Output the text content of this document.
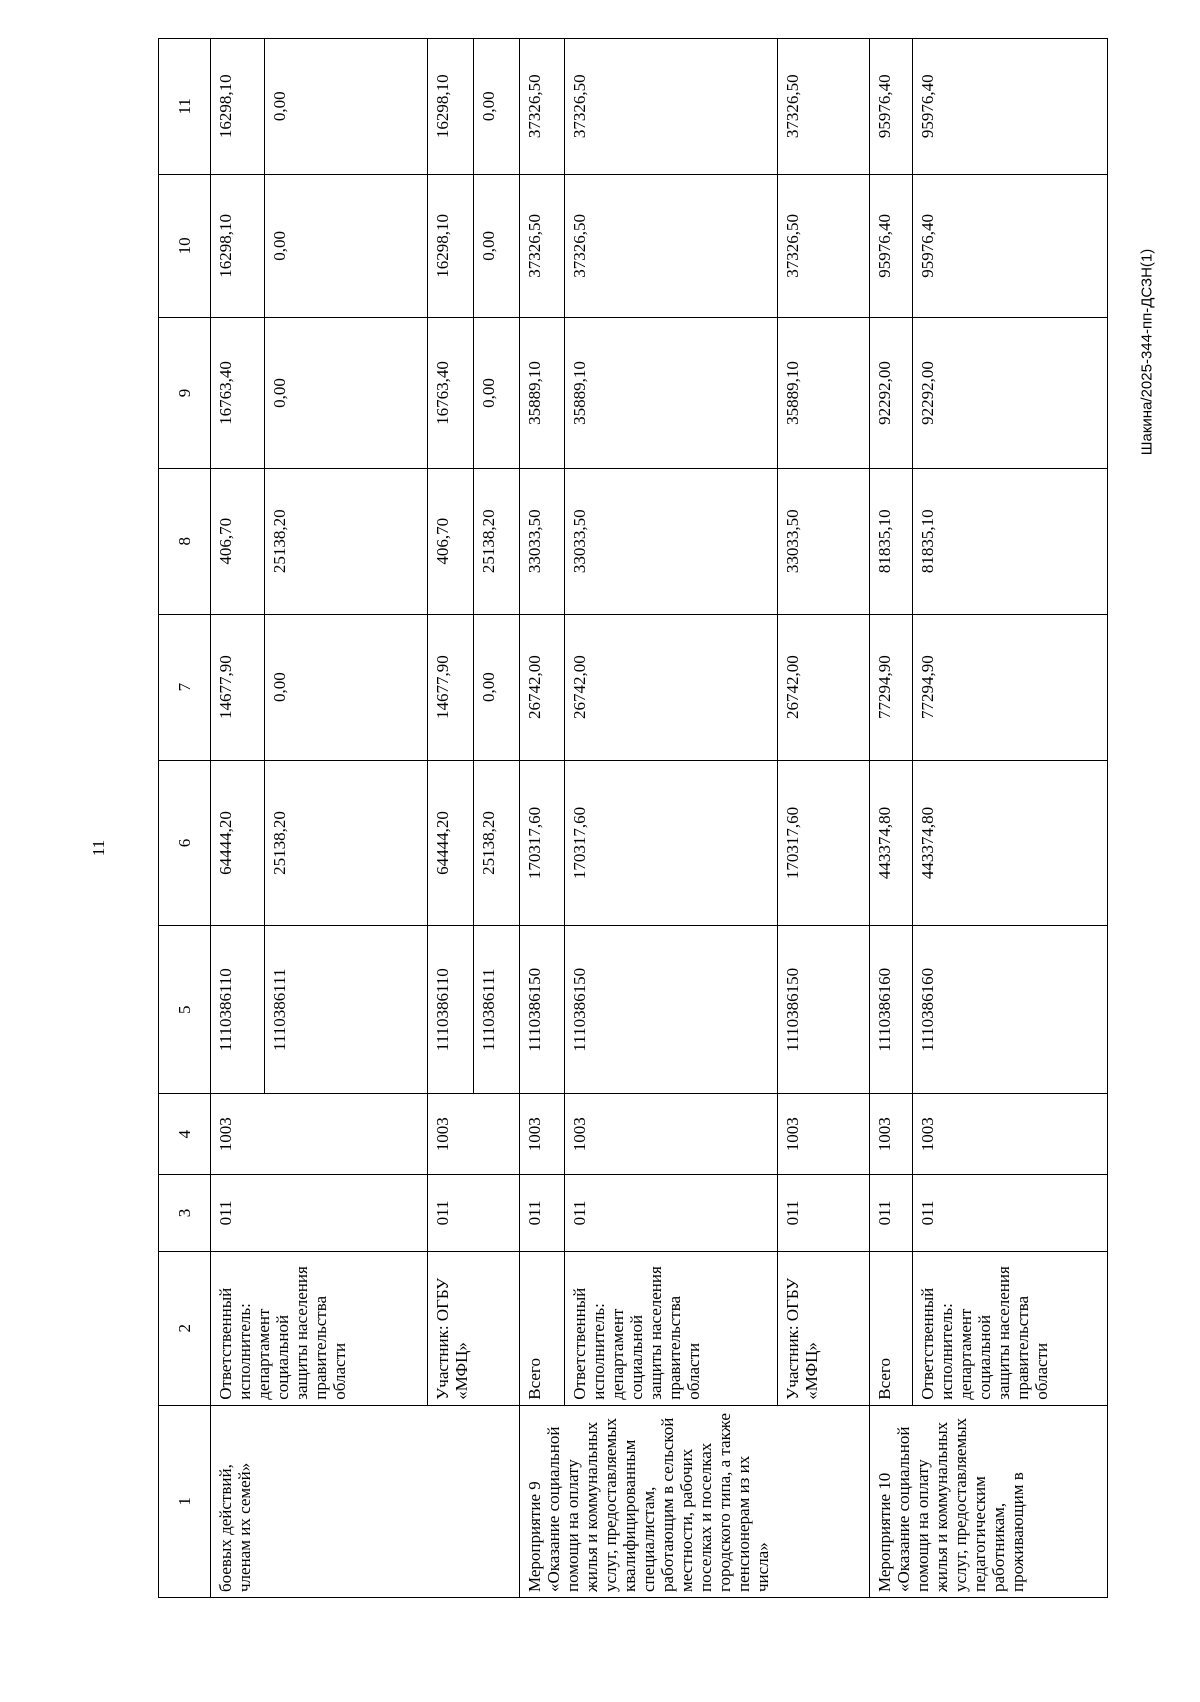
11
Шакина/2025-344-пп-ДСЗН(1)
1	2	3	4	5	6	7	8	9	10	11
боевых действий, членам их семей»	Ответственный исполнитель: департамент социальной защиты населения правительства области	011	1003	1110386110	64444,20	14677,90	406,70	16763,40	16298,10	16298,10
				1110386111	25138,20	0,00	25138,20	0,00	0,00	0,00
	Участник: ОГБУ «МФЦ»	011	1003	1110386110	64444,20	14677,90	406,70	16763,40	16298,10	16298,10
				1110386111	25138,20	0,00	25138,20	0,00	0,00	0,00
Мероприятие 9 «Оказание социальной помощи на оплату жилья и коммунальных услуг, предоставляемых квалифицированным специалистам, работающим в сельской местности, рабочих поселках и поселках городского типа, а также пенсионерам из их числа»	Всего	011	1003	1110386150	170317,60	26742,00	33033,50	35889,10	37326,50	37326,50
	Ответственный исполнитель: департамент социальной защиты населения правительства области	011	1003	1110386150	170317,60	26742,00	33033,50	35889,10	37326,50	37326,50
	Участник: ОГБУ «МФЦ»	011	1003	1110386150	170317,60	26742,00	33033,50	35889,10	37326,50	37326,50
Мероприятие 10 «Оказание социальной помощи на оплату жилья и коммунальных услуг, предоставляемых педагогическим работникам, проживающим в	Всего	011	1003	1110386160	443374,80	77294,90	81835,10	92292,00	95976,40	95976,40
	Ответственный исполнитель: департамент социальной защиты населения правительства области	011	1003	1110386160	443374,80	77294,90	81835,10	92292,00	95976,40	95976,40
